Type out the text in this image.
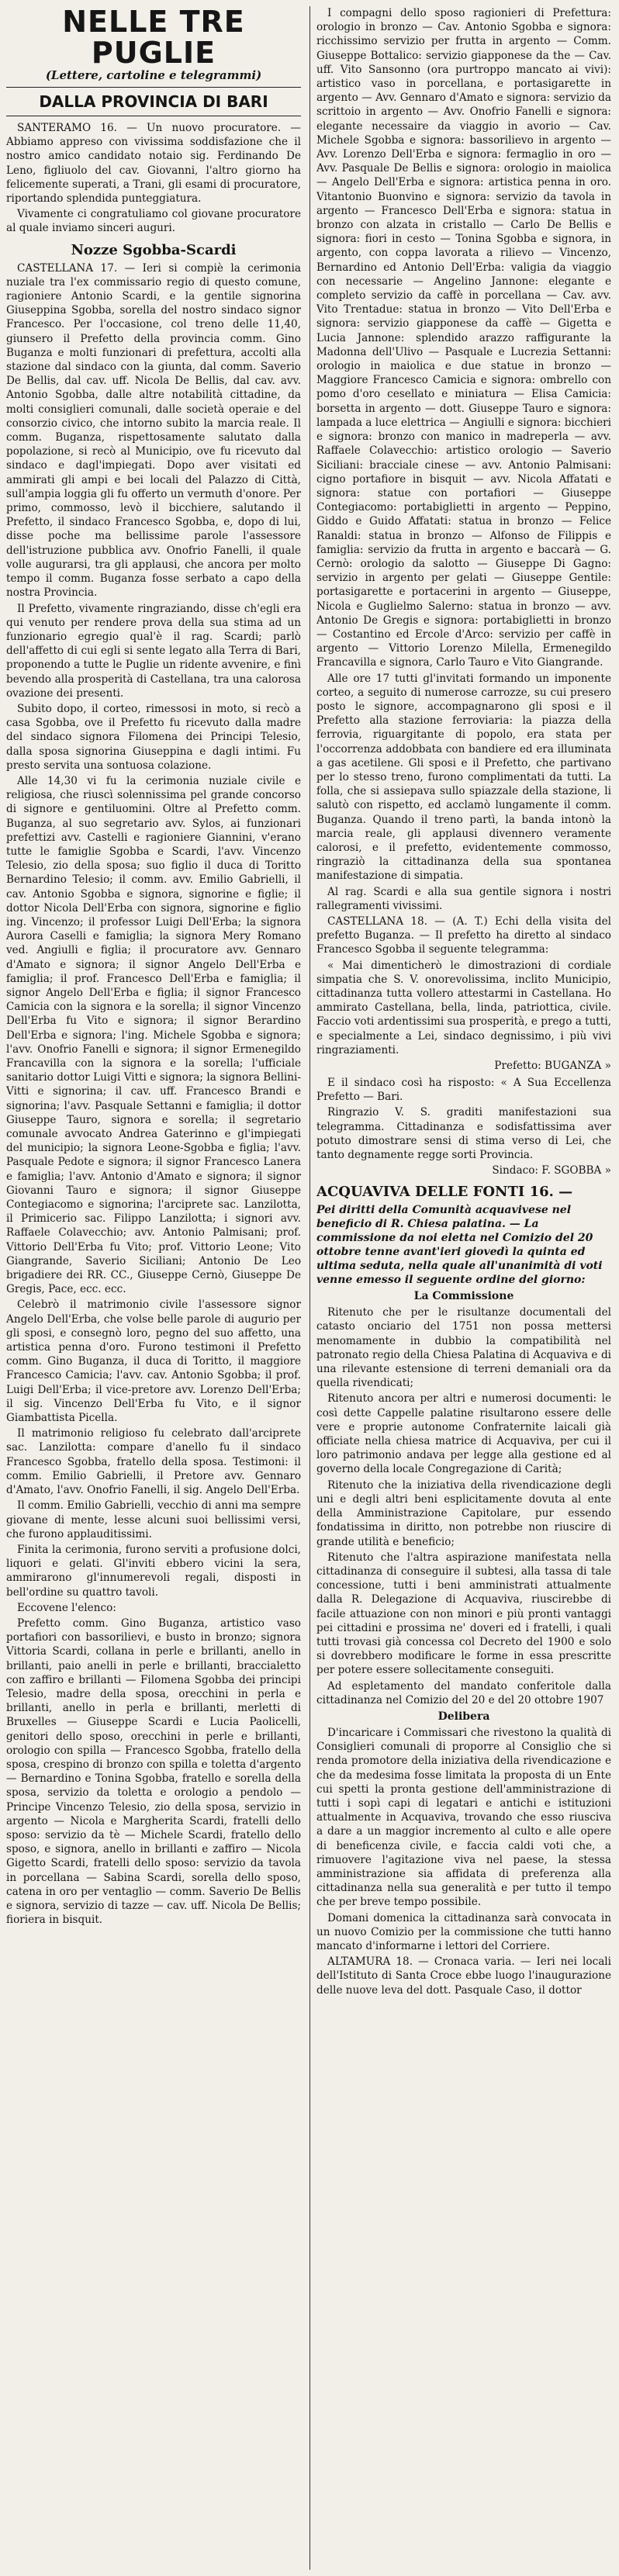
NELLE TRE PUGLIE
(Lettere, cartoline e telegrammi)
DALLA PROVINCIA DI BARI

SANTERAMO 16. — Un nuovo procuratore. — Abbiamo appreso con vivissima soddisfazione che il nostro amico candidato notaio sig. Ferdinando De Leno, figliuolo del cav. Giovanni, l'altro giorno ha felicemente superati, a Trani, gli esami di procuratore, riportando splendida punteggiatura.

Vivamente ci congratuliamo col giovane procuratore al quale inviamo sinceri auguri.

Nozze Sgobba-Scardi

CASTELLANA 17. — Ieri si compiè la cerimonia nuziale tra l'ex commissario regio di questo comune, ragioniere Antonio Scardi, e la gentile signorina Giuseppina Sgobba, sorella del nostro sindaco signor Francesco. Per l'occasione, col treno delle 11,40, giunsero il Prefetto della provincia comm. Gino Buganza e molti funzionari di prefettura, accolti alla stazione dal sindaco con la giunta, dal comm. Saverio De Bellis, dal cav. uff. Nicola De Bellis, dal cav. avv. Antonio Sgobba, dalle altre notabilità cittadine, da molti consiglieri comunali, dalle società operaie e del consorzio civico, che intorno subito la marcia reale. Il comm. Buganza, rispettosamente salutato dalla popolazione, si recò al Municipio, ove fu ricevuto dal sindaco e dagl'impiegati. Dopo aver visitati ed ammirati gli ampi e bei locali del Palazzo di Città, sull'ampia loggia gli fu offerto un vermuth d'onore. Per primo, commosso, levò il bicchiere, salutando il Prefetto, il sindaco Francesco Sgobba, e, dopo di lui, disse poche ma bellissime parole l'assessore dell'istruzione pubblica avv. Onofrio Fanelli, il quale volle augurarsi, tra gli applausi, che ancora per molto tempo il comm. Buganza fosse serbato a capo della nostra Provincia.

Il Prefetto, vivamente ringraziando, disse ch'egli era qui venuto per rendere prova della sua stima ad un funzionario egregio qual'è il rag. Scardi; parlò dell'affetto di cui egli si sente legato alla Terra di Bari, proponendo a tutte le Puglie un ridente avvenire, e finì bevendo alla prosperità di Castellana, tra una calorosa ovazione dei presenti.

Subito dopo, il corteo, rimessosi in moto, si recò a casa Sgobba, ove il Prefetto fu ricevuto dalla madre del sindaco signora Filomena dei Principi Telesio, dalla sposa signorina Giuseppina e dagli intimi. Fu presto servita una sontuosa colazione.

Alle 14,30 vi fu la cerimonia nuziale civile e religiosa, che riuscì solennissima pel grande concorso di signore e gentiluomini. Oltre al Prefetto comm. Buganza, al suo segretario avv. Sylos, ai funzionari prefettizi avv. Castelli e ragioniere Giannini, v'erano tutte le famiglie Sgobba e Scardi, l'avv. Vincenzo Telesio, zio della sposa; suo figlio il duca di Toritto Bernardino Telesio; il comm. avv. Emilio Gabrielli, il cav. Antonio Sgobba e signora, signorine e figlie; il dottor Nicola Dell'Erba con signora, signorine e figlio ing. Vincenzo; il professor Luigi Dell'Erba; la signora Aurora Caselli e famiglia; la signora Mery Romano ved. Angiulli e figlia; il procuratore avv. Gennaro d'Amato e signora; il signor Angelo Dell'Erba e famiglia; il prof. Francesco Dell'Erba e famiglia; il signor Angelo Dell'Erba e figlia; il signor Francesco Camicia con la signora e la sorella; il signor Vincenzo Dell'Erba fu Vito e signora; il signor Berardino Dell'Erba e signora; l'ing. Michele Sgobba e signora; l'avv. Onofrio Fanelli e signora; il signor Ermenegildo Francavilla con la signora e la sorella; l'ufficiale sanitario dottor Luigi Vitti e signora; la signora Bellini-Vitti e signorina; il cav. uff. Francesco Brandi e signorina; l'avv. Pasquale Settanni e famiglia; il dottor Giuseppe Tauro, signora e sorella; il segretario comunale avvocato Andrea Gaterinno e gl'impiegati del municipio; la signora Leone-Sgobba e figlia; l'avv. Pasquale Pedote e signora; il signor Francesco Lanera e famiglia; l'avv. Antonio d'Amato e signora; il signor Giovanni Tauro e signora; il signor Giuseppe Contegiacomo e signorina; l'arciprete sac. Lanzilotta, il Primicerio sac. Filippo Lanzilotta; i signori avv. Raffaele Colavecchio; avv. Antonio Palmisani; prof. Vittorio Dell'Erba fu Vito; prof. Vittorio Leone; Vito Giangrande, Saverio Siciliani; Antonio De Leo brigadiere dei RR. CC., Giuseppe Cernò, Giuseppe De Gregis, Pace, ecc. ecc.

Celebrò il matrimonio civile l'assessore signor Angelo Dell'Erba, che volse belle parole di augurio per gli sposi, e consegnò loro, pegno del suo affetto, una artistica penna d'oro. Furono testimoni il Prefetto comm. Gino Buganza, il duca di Toritto, il maggiore Francesco Camicia; l'avv. cav. Antonio Sgobba; il prof. Luigi Dell'Erba; il vice-pretore avv. Lorenzo Dell'Erba; il sig. Vincenzo Dell'Erba fu Vito, e il signor Giambattista Picella.

Il matrimonio religioso fu celebrato dall'arciprete sac. Lanzilotta: compare d'anello fu il sindaco Francesco Sgobba, fratello della sposa. Testimoni: il comm. Emilio Gabrielli, il Pretore avv. Gennaro d'Amato, l'avv. Onofrio Fanelli, il sig. Angelo Dell'Erba.

Il comm. Emilio Gabrielli, vecchio di anni ma sempre giovane di mente, lesse alcuni suoi bellissimi versi, che furono applauditissimi.

Finita la cerimonia, furono serviti a profusione dolci, liquori e gelati. Gl'inviti ebbero vicini la sera, ammirarono gl'innumerevoli regali, disposti in bell'ordine su quattro tavoli.

Eccovene l'elenco:

Prefetto comm. Gino Buganza, artistico vaso portafiori con bassorilievi, e busto in bronzo; signora Vittoria Scardi, collana in perle e brillanti, anello in brillanti, paio anelli in perle e brillanti, braccialetto con zaffiro e brillanti — Filomena Sgobba dei principi Telesio, madre della sposa, orecchini in perla e brillanti, anello in perla e brillanti, merletti di Bruxelles — Giuseppe Scardi e Lucia Paolicelli, genitori dello sposo, orecchini in perle e brillanti, orologio con spilla — Francesco Sgobba, fratello della sposa, crespino di bronzo con spilla e toletta d'argento — Bernardino e Tonina Sgobba, fratello e sorella della sposa, servizio da toletta e orologio a pendolo — Principe Vincenzo Telesio, zio della sposa, servizio in argento — Nicola e Margherita Scardi, fratelli dello sposo: servizio da tè — Michele Scardi, fratello dello sposo, e signora, anello in brillanti e zaffiro — Nicola Gigetto Scardi, fratelli dello sposo: servizio da tavola in porcellana — Sabina Scardi, sorella dello sposo, catena in oro per ventaglio — comm. Saverio De Bellis e signora, servizio di tazze — cav. uff. Nicola De Bellis; fioriera in bisquit.

I compagni dello sposo ragionieri di Prefettura: orologio in bronzo — Cav. Antonio Sgobba e signora: ricchissimo servizio per frutta in argento — Comm. Giuseppe Bottalico: servizio giapponese da the — Cav. uff. Vito Sansonno (ora purtroppo mancato ai vivi): artistico vaso in porcellana, e portasigarette in argento — Avv. Gennaro d'Amato e signora: servizio da scrittoio in argento — Avv. Onofrio Fanelli e signora: elegante necessaire da viaggio in avorio — Cav. Michele Sgobba e signora: bassorilievo in argento — Avv. Lorenzo Dell'Erba e signora: fermaglio in oro — Avv. Pasquale De Bellis e signora: orologio in maiolica — Angelo Dell'Erba e signora: artistica penna in oro. Vitantonio Buonvino e signora: servizio da tavola in argento — Francesco Dell'Erba e signora: statua in bronzo con alzata in cristallo — Carlo De Bellis e signora: fiori in cesto — Tonina Sgobba e signora, in argento, con coppa lavorata a rilievo — Vincenzo, Bernardino ed Antonio Dell'Erba: valigia da viaggio con necessarie — Angelino Jannone: elegante e completo servizio da caffè in porcellana — Cav. avv. Vito Trentadue: statua in bronzo — Vito Dell'Erba e signora: servizio giapponese da caffè — Gigetta e Lucia Jannone: splendido arazzo raffigurante la Madonna dell'Ulivo — Pasquale e Lucrezia Settanni: orologio in maiolica e due statue in bronzo — Maggiore Francesco Camicia e signora: ombrello con pomo d'oro cesellato e miniatura — Elisa Camicia: borsetta in argento — dott. Giuseppe Tauro e signora: lampada a luce elettrica — Angiulli e signora: bicchieri e signora: bronzo con manico in madreperla — avv. Raffaele Colavecchio: artistico orologio — Saverio Siciliani: bracciale cinese — avv. Antonio Palmisani: cigno portafiore in bisquit — avv. Nicola Affatati e signora: statue con portafiori — Giuseppe Contegiacomo: portabiglietti in argento — Peppino, Giddo e Guido Affatati: statua in bronzo — Felice Ranaldi: statua in bronzo — Alfonso de Filippis e famiglia: servizio da frutta in argento e baccarà — G. Cernò: orologio da salotto — Giuseppe Di Gagno: servizio in argento per gelati — Giuseppe Gentile: portasigarette e portacerini in argento — Giuseppe, Nicola e Guglielmo Salerno: statua in bronzo — avv. Antonio De Gregis e signora: portabiglietti in bronzo — Costantino ed Ercole d'Arco: servizio per caffè in argento — Vittorio Lorenzo Milella, Ermenegildo Francavilla e signora, Carlo Tauro e Vito Giangrande.

Alle ore 17 tutti gl'invitati formando un imponente corteo, a seguito di numerose carrozze, su cui presero posto le signore, accompagnarono gli sposi e il Prefetto alla stazione ferroviaria: la piazza della ferrovia, riguargitante di popolo, era stata per l'occorrenza addobbata con bandiere ed era illuminata a gas acetilene. Gli sposi e il Prefetto, che partivano per lo stesso treno, furono complimentati da tutti. La folla, che si assiepava sullo spiazzale della stazione, li salutò con rispetto, ed acclamò lungamente il comm. Buganza. Quando il treno partì, la banda intonò la marcia reale, gli applausi divennero veramente calorosi, e il prefetto, evidentemente commosso, ringraziò la cittadinanza della sua spontanea manifestazione di simpatia.

Al rag. Scardi e alla sua gentile signora i nostri rallegramenti vivissimi.

CASTELLANA 18. — (A. T.) Echi della visita del prefetto Buganza. — Il prefetto ha diretto al sindaco Francesco Sgobba il seguente telegramma:

« Mai dimenticherò le dimostrazioni di cordiale simpatia che S. V. onorevolissima, inclito Municipio, cittadinanza tutta vollero attestarmi in Castellana. Ho ammirato Castellana, bella, linda, patriottica, civile. Faccio voti ardentissimi sua prosperità, e prego a tutti, e specialmente a Lei, sindaco degnissimo, i più vivi ringraziamenti.

Prefetto: BUGANZA »

E il sindaco così ha risposto: « A Sua Eccellenza Prefetto — Bari.

Ringrazio V. S. graditi manifestazioni sua telegramma. Cittadinanza e sodisfattissima aver potuto dimostrare sensi di stima verso di Lei, che tanto degnamente regge sorti Provincia.

Sindaco: F. SGOBBA »
ACQUAVIVA DELLE FONTI 16. —
Pei diritti della Comunità acquavivese nel beneficio di R. Chiesa palatina. — La commissione da noi eletta nel Comizio del 20 ottobre tenne avant'ieri giovedì la quinta ed ultima seduta, nella quale all'unanimità di voti venne emesso il seguente ordine del giorno:
La Commissione

Ritenuto che per le risultanze documentali del catasto onciario del 1751 non possa mettersi menomamente in dubbio la compatibilità nel patronato regio della Chiesa Palatina di Acquaviva e di una rilevante estensione di terreni demaniali ora da quella rivendicati;

Ritenuto ancora per altri e numerosi documenti: le così dette Cappelle palatine risultarono essere delle vere e proprie autonome Confraternite laicali già officiate nella chiesa matrice di Acquaviva, per cui il loro patrimonio andava per legge alla gestione ed al governo della locale Congregazione di Carità;

Ritenuto che la iniziativa della rivendicazione degli uni e degli altri beni esplicitamente dovuta al ente della Amministrazione Capitolare, pur essendo fondatissima in diritto, non potrebbe non riuscire di grande utilità e beneficio;

Ritenuto che l'altra aspirazione manifestata nella cittadinanza di conseguire il subtesi, alla tassa di tale concessione, tutti i beni amministrati attualmente dalla R. Delegazione di Acquaviva, riuscirebbe di facile attuazione con non minori e più pronti vantaggi pei cittadini e prossima ne' doveri ed i fratelli, i quali tutti trovasi già concessa col Decreto del 1900 e solo si dovrebbero modificare le forme in essa prescritte per potere essere sollecitamente conseguiti.

Ad espletamento del mandato conferitole dalla cittadinanza nel Comizio del 20 e del 20 ottobre 1907

Delibera

D'incaricare i Commissari che rivestono la qualità di Consiglieri comunali di proporre al Consiglio che si renda promotore della iniziativa della rivendicazione e che da medesima fosse limitata la proposta di un Ente cui spetti la pronta gestione dell'amministrazione di tutti i sopì capi di legatari e antichi e istituzioni attualmente in Acquaviva, trovando che esso riusciva a dare a un maggior incremento al culto e alle opere di beneficenza civile, e faccia caldi voti che, a rimuovere l'agitazione viva nel paese, la stessa amministrazione sia affidata di preferenza alla cittadinanza nella sua generalità e per tutto il tempo che per breve tempo possibile.

Domani domenica la cittadinanza sarà convocata in un nuovo Comizio per la commissione che tutti hanno mancato d'informarne i lettori del Corriere.

ALTAMURA 18. — Cronaca varia. — Ieri nei locali dell'Istituto di Santa Croce ebbe luogo l'inaugurazione delle nuove leva del dott. Pasquale Caso, il dottor
